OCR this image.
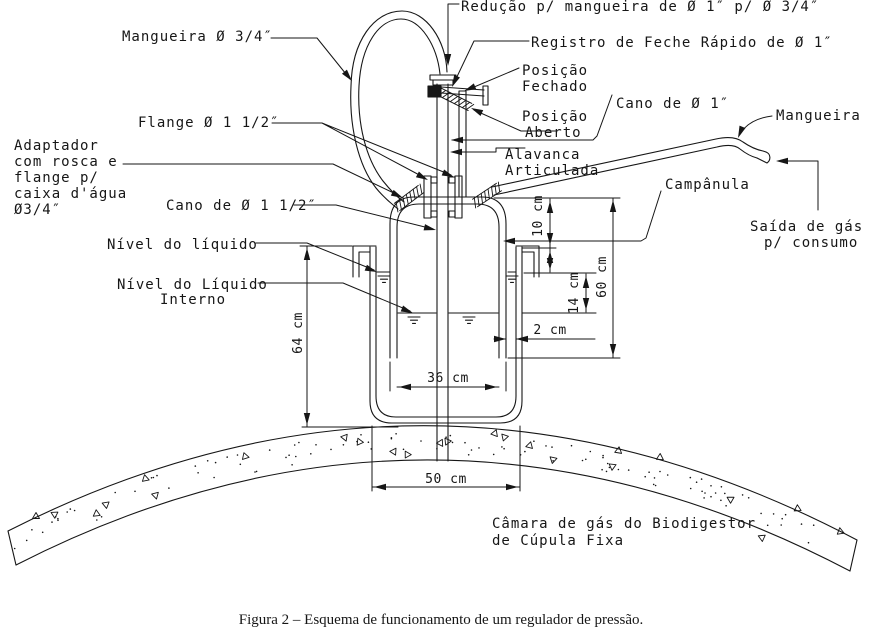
Redução p/ mangueira de Ø 1″ p/ Ø 3/4″
Mangueira Ø 3/4″	Registro de Feche Rápido de Ø 1″
Posição
Fechado
Posição
Aberto
Cano de Ø 1″
Mangueira
Saída de gás
p/ consumo
Flange Ø 1 1/2″
Adaptador
com rosca e
flange p/
caixa d'água
Ø3/4″	Cano de Ø 1 1/2″
Alavanca
Articulada
Campânula
Nível do líquido
Nível do Líquido
Interno
Câmara de gás do Biodigestor
de Cúpula Fixa
64 cm
10 cm
14 cm 60 cm
2 cm
36 cm
50 cm
Figura 2 – Esquema de funcionamento de um regulador de pressão.
